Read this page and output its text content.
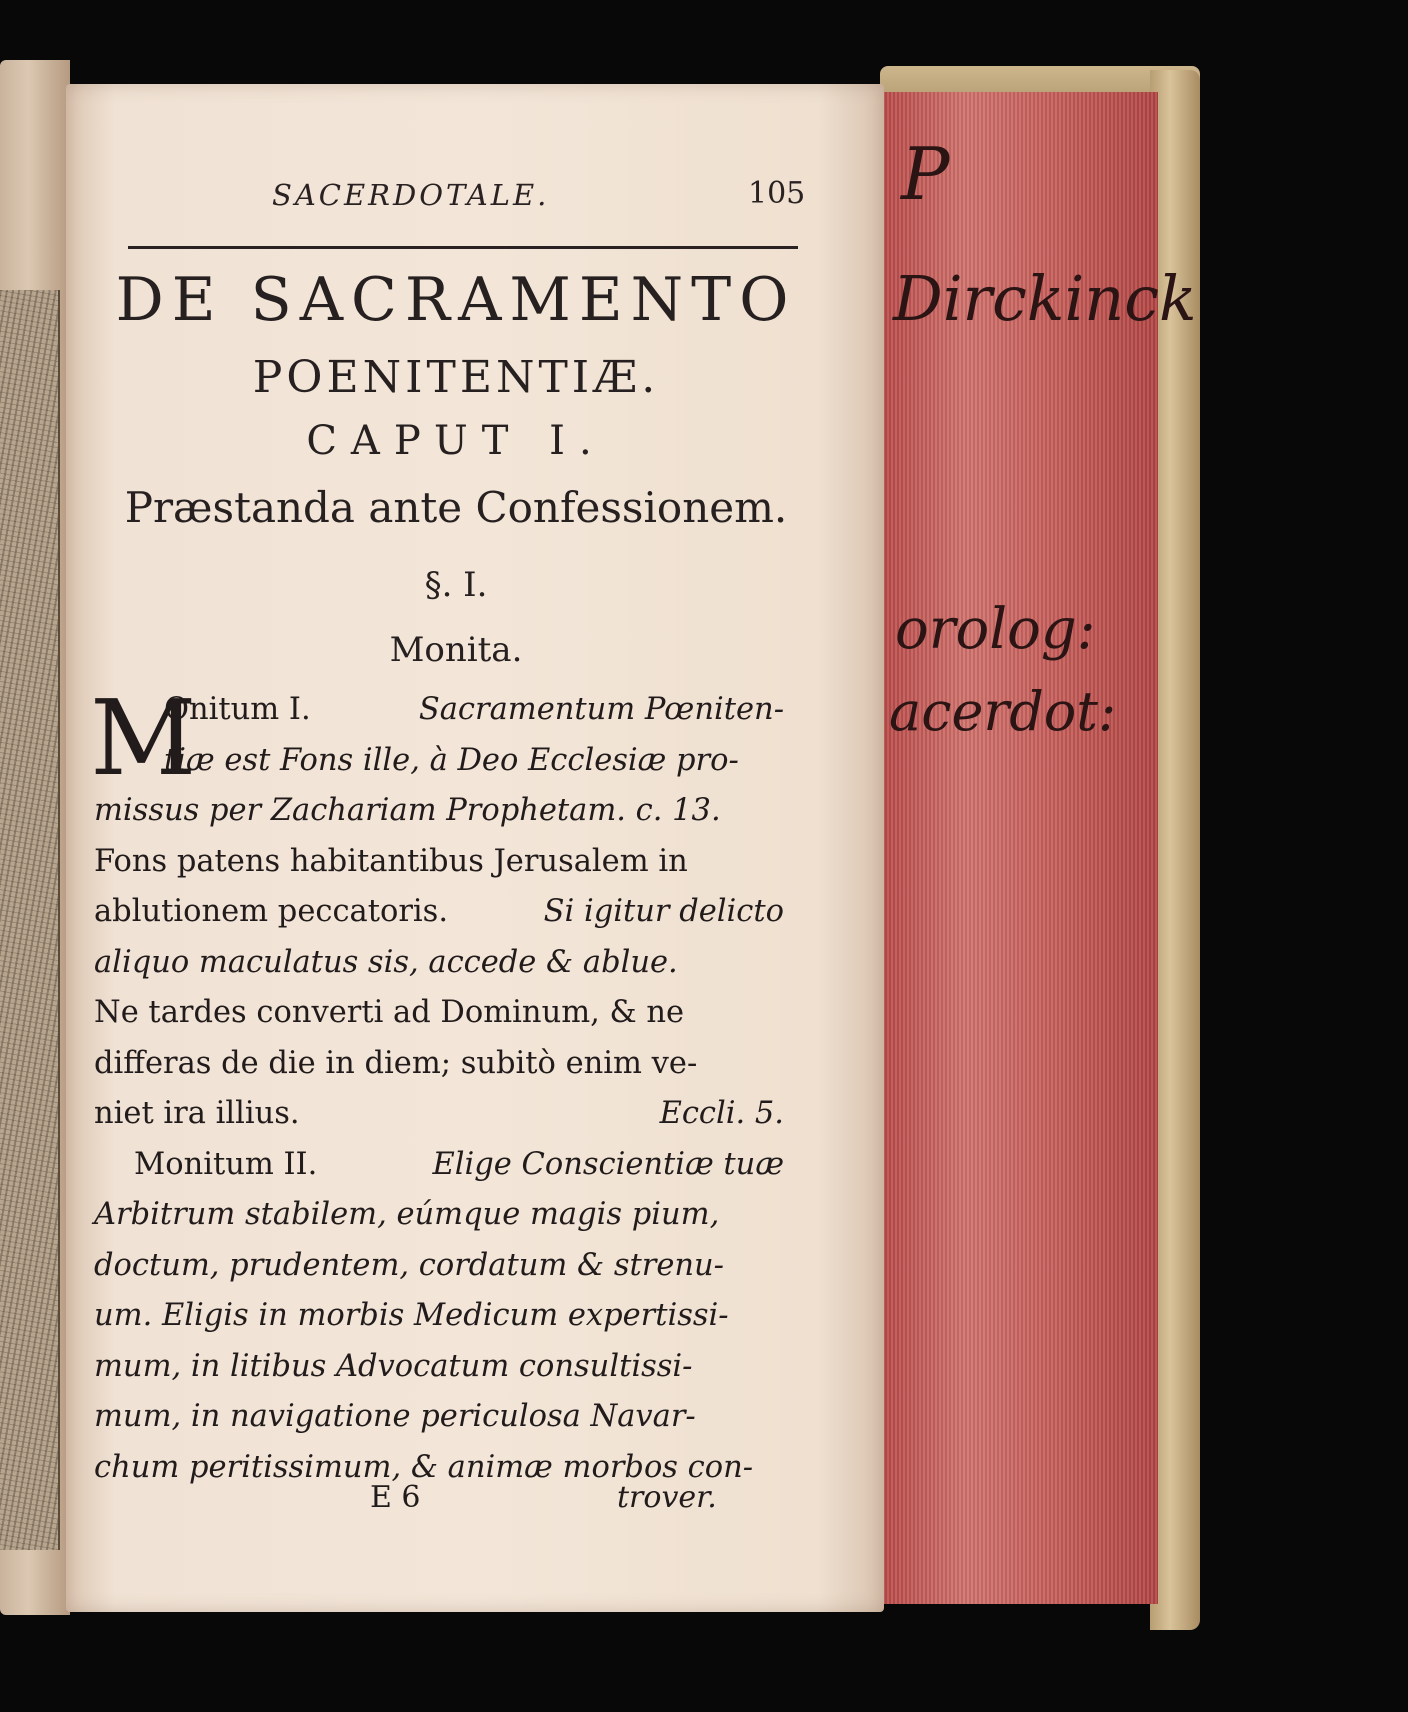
P
Dirckinck
orolog:
acerdot:
SACERDOTALE.	105
DE SACRAMENTO
POENITENTIÆ.
CAPUT I.
Præstanda ante Confessionem.
§. I.
Monita.
M
Onitum I.	Sacramentum Pœniten-
tiæ est Fons ille, à Deo Ecclesiæ pro-
missus per Zachariam Prophetam. c. 13.
Fons patens habitantibus Jerusalem in
ablutionem peccatoris.	Si igitur delicto
aliquo maculatus sis, accede & ablue.
Ne tardes converti ad Dominum, & ne
differas de die in diem; subitò enim ve-
niet ira illius.	Eccli. 5.
Monitum II.	Elige Conscientiæ tuæ
Arbitrum stabilem, eúmque magis pium,
doctum, prudentem, cordatum & strenu-
um. Eligis in morbis Medicum expertissi-
mum, in litibus Advocatum consultissi-
mum, in navigatione periculosa Navar-
chum peritissimum, & animæ morbos con-
E 6	trover.
